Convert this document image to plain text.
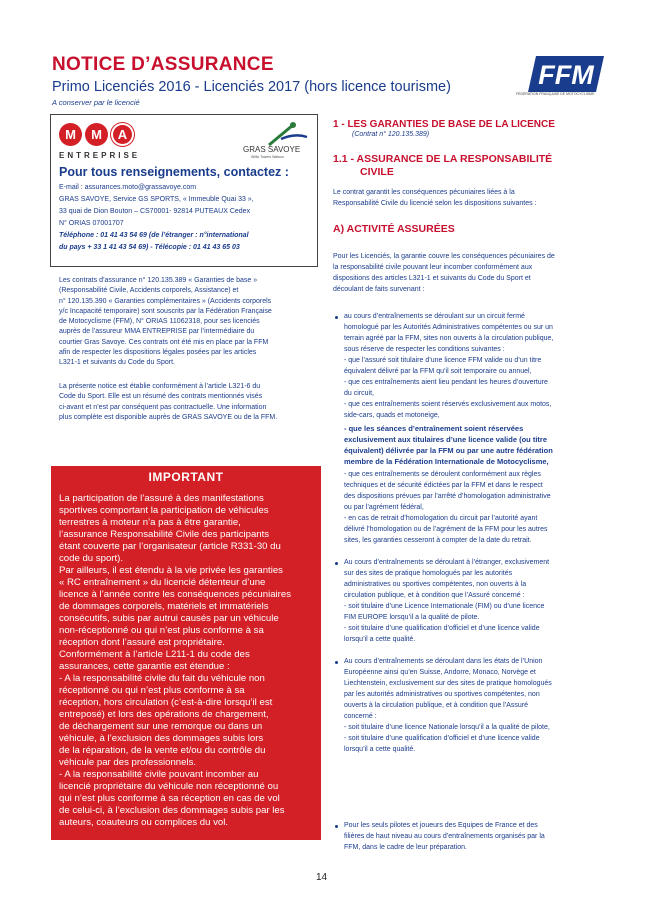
NOTICE D’ASSURANCE
Primo Licenciés 2016 - Licenciés 2017 (hors licence tourisme)
A conserver par le licencié
FFM
FÉDÉRATION FRANÇAISE DE MOTOCYCLISME
M	M	A
ENTREPRISE
GRAS SAVOYE
Willis Towers Watson
Pour tous renseignements, contactez :
E-mail : assurances.moto@grassavoye.com
GRAS SAVOYE, Service GS SPORTS, « Immeuble Quai 33 »,
33 quai de Dion Bouton – CS70001- 92814 PUTEAUX Cedex
N° ORIAS 07001707
Téléphone : 01 41 43 54 69 (de l’étranger : n°international
du pays + 33 1 41 43 54 69) - Télécopie : 01 41 43 65 03
Les contrats d’assurance n° 120.135.389 « Garanties de base »
(Responsabilité Civile, Accidents corporels, Assistance) et
n° 120.135.390 « Garanties complémentaires » (Accidents corporels
y/c Incapacité temporaire) sont souscrits par la Fédération Française
de Motocyclisme (FFM), N° ORIAS 11062318, pour ses licenciés
auprès de l’assureur MMA ENTREPRISE par l’intermédiaire du
courtier Gras Savoye. Ces contrats ont été mis en place par la FFM
afin de respecter les dispositions légales posées par les articles
L321-1 et suivants du Code du Sport.
La présente notice est établie conformément à l’article L321-6 du
Code du Sport. Elle est un résumé des contrats mentionnés visés
ci-avant et n’est par conséquent pas contractuelle. Une information
plus complète est disponible auprès de GRAS SAVOYE ou de la FFM.
IMPORTANT
La participation de l’assuré à des manifestations
sportives comportant la participation de véhicules
terrestres à moteur n’a pas à être garantie,
l’assurance Responsabilité Civile des participants
étant couverte par l’organisateur (article R331-30 du
code du sport).
Par ailleurs, il est étendu à la vie privée les garanties
« RC entraînement » du licencié détenteur d’une
licence à l’année contre les conséquences pécuniaires
de dommages corporels, matériels et immatériels
consécutifs, subis par autrui causés par un véhicule
non-réceptionné ou qui n’est plus conforme à sa
réception dont l’assuré est propriétaire.
Conformément à l’article L211-1 du code des
assurances, cette garantie est étendue :
- A la responsabilité civile du fait du véhicule non
réceptionné ou qui n’est plus conforme à sa
réception, hors circulation (c’est-à-dire lorsqu’il est
entreposé) et lors des opérations de chargement,
de déchargement sur une remorque ou dans un
véhicule, à l’exclusion des dommages subis lors
de la réparation, de la vente et/ou du contrôle du
véhicule par des professionnels.
- A la responsabilité civile pouvant incomber au
licencié propriétaire du véhicule non réceptionné ou
qui n’est plus conforme à sa réception en cas de vol
de celui-ci, à l’exclusion des dommages subis par les
auteurs, coauteurs ou complices du vol.
1 - LES GARANTIES DE BASE DE LA LICENCE
(Contrat n° 120.135.389)
1.1 - ASSURANCE DE LA RESPONSABILITÉ
CIVILE
Le contrat garantit les conséquences pécuniaires liées à la
Responsabilité Civile du licencié selon les dispositions suivantes :
A) ACTIVITÉ ASSURÉES
Pour les Licenciés, la garantie couvre les conséquences pécuniaires de
la responsabilité civile pouvant leur incomber conformément aux
dispositions des articles L321-1 et suivants du Code du Sport et
découlant de faits survenant :
au cours d’entraînements se déroulant sur un circuit fermé
homologué par les Autorités Administratives compétentes ou sur un
terrain agréé par la FFM, sites non ouverts à la circulation publique,
sous réserve de respecter les conditions suivantes :
- que l’assuré soit titulaire d’une licence FFM valide ou d’un titre
équivalent délivré par la FFM qu’il soit temporaire ou annuel,
- que ces entraînements aient lieu pendant les heures d’ouverture
du circuit,
- que ces entraînements soient réservés exclusivement aux motos,
side-cars, quads et motoneige,
- que les séances d’entraînement soient réservées
exclusivement aux titulaires d’une licence valide (ou titre
équivalent) délivrée par la FFM ou par une autre fédération
membre de la Fédération Internationale de Motocyclisme,
- que ces entraînements se déroulent conformément aux règles
techniques et de sécurité édictées par la FFM et dans le respect
des dispositions prévues par l’arrêté d’homologation administrative
ou par l’agrément fédéral,
- en cas de retrait d’homologation du circuit par l’autorité ayant
délivré l’homologation ou de l’agrément de la FFM pour les autres
sites, les garanties cesseront à compter de la date du retrait.
Au cours d’entraînements se déroulant à l’étranger, exclusivement
sur des sites de pratique homologués par les autorités
administratives ou sportives compétentes, non ouverts à la
circulation publique, et à condition que l’Assuré concerné :
- soit titulaire d’une Licence Internationale (FIM) ou d’une licence
FIM EUROPE lorsqu’il a la qualité de pilote.
- soit titulaire d’une qualification d’officiel et d’une licence valide
lorsqu’il a cette qualité.
Au cours d’entraînements se déroulant dans les états de l’Union
Européenne ainsi qu’en Suisse, Andorre, Monaco, Norvège et
Liechtenstein, exclusivement sur des sites de pratique homologués
par les autorités administratives ou sportives compétentes, non
ouverts à la circulation publique, et à condition que l’Assuré
concerné :
- soit titulaire d’une licence Nationale lorsqu’il a la qualité de pilote,
- soit titulaire d’une qualification d’officiel et d’une licence valide
lorsqu’il a cette qualité.
Pour les seuls pilotes et joueurs des Equipes de France et des
filières de haut niveau au cours d’entraînements organisés par la
FFM, dans le cadre de leur préparation.
14
